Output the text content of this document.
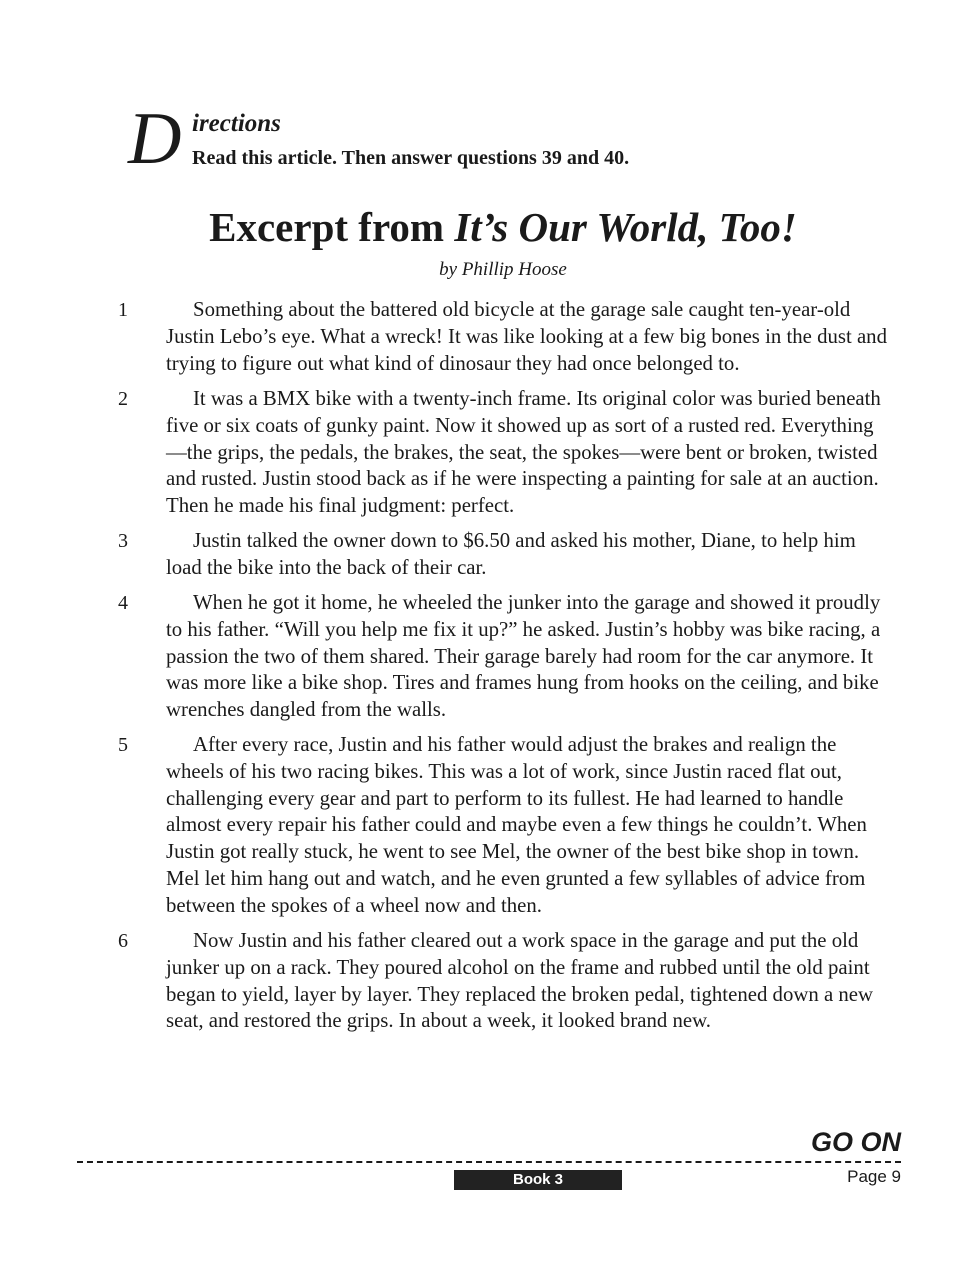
D irections
Read this article. Then answer questions 39 and 40.
Excerpt from It’s Our World, Too!
by Phillip Hoose
1	Something about the battered old bicycle at the garage sale caught ten-year-old Justin Lebo’s eye. What a wreck! It was like looking at a few big bones in the dust and trying to figure out what kind of dinosaur they had once belonged to.
2	It was a BMX bike with a twenty-inch frame. Its original color was buried beneath five or six coats of gunky paint. Now it showed up as sort of a rusted red. Everything—the grips, the pedals, the brakes, the seat, the spokes—were bent or broken, twisted and rusted. Justin stood back as if he were inspecting a painting for sale at an auction. Then he made his final judgment: perfect.
3	Justin talked the owner down to $6.50 and asked his mother, Diane, to help him load the bike into the back of their car.
4	When he got it home, he wheeled the junker into the garage and showed it proudly to his father. “Will you help me fix it up?” he asked. Justin’s hobby was bike racing, a passion the two of them shared. Their garage barely had room for the car anymore. It was more like a bike shop. Tires and frames hung from hooks on the ceiling, and bike wrenches dangled from the walls.
5	After every race, Justin and his father would adjust the brakes and realign the wheels of his two racing bikes. This was a lot of work, since Justin raced flat out, challenging every gear and part to perform to its fullest. He had learned to handle almost every repair his father could and maybe even a few things he couldn’t. When Justin got really stuck, he went to see Mel, the owner of the best bike shop in town. Mel let him hang out and watch, and he even grunted a few syllables of advice from between the spokes of a wheel now and then.
6	Now Justin and his father cleared out a work space in the garage and put the old junker up on a rack. They poured alcohol on the frame and rubbed until the old paint began to yield, layer by layer. They replaced the broken pedal, tightened down a new seat, and restored the grips. In about a week, it looked brand new.
GO ON
Book 3	Page 9
